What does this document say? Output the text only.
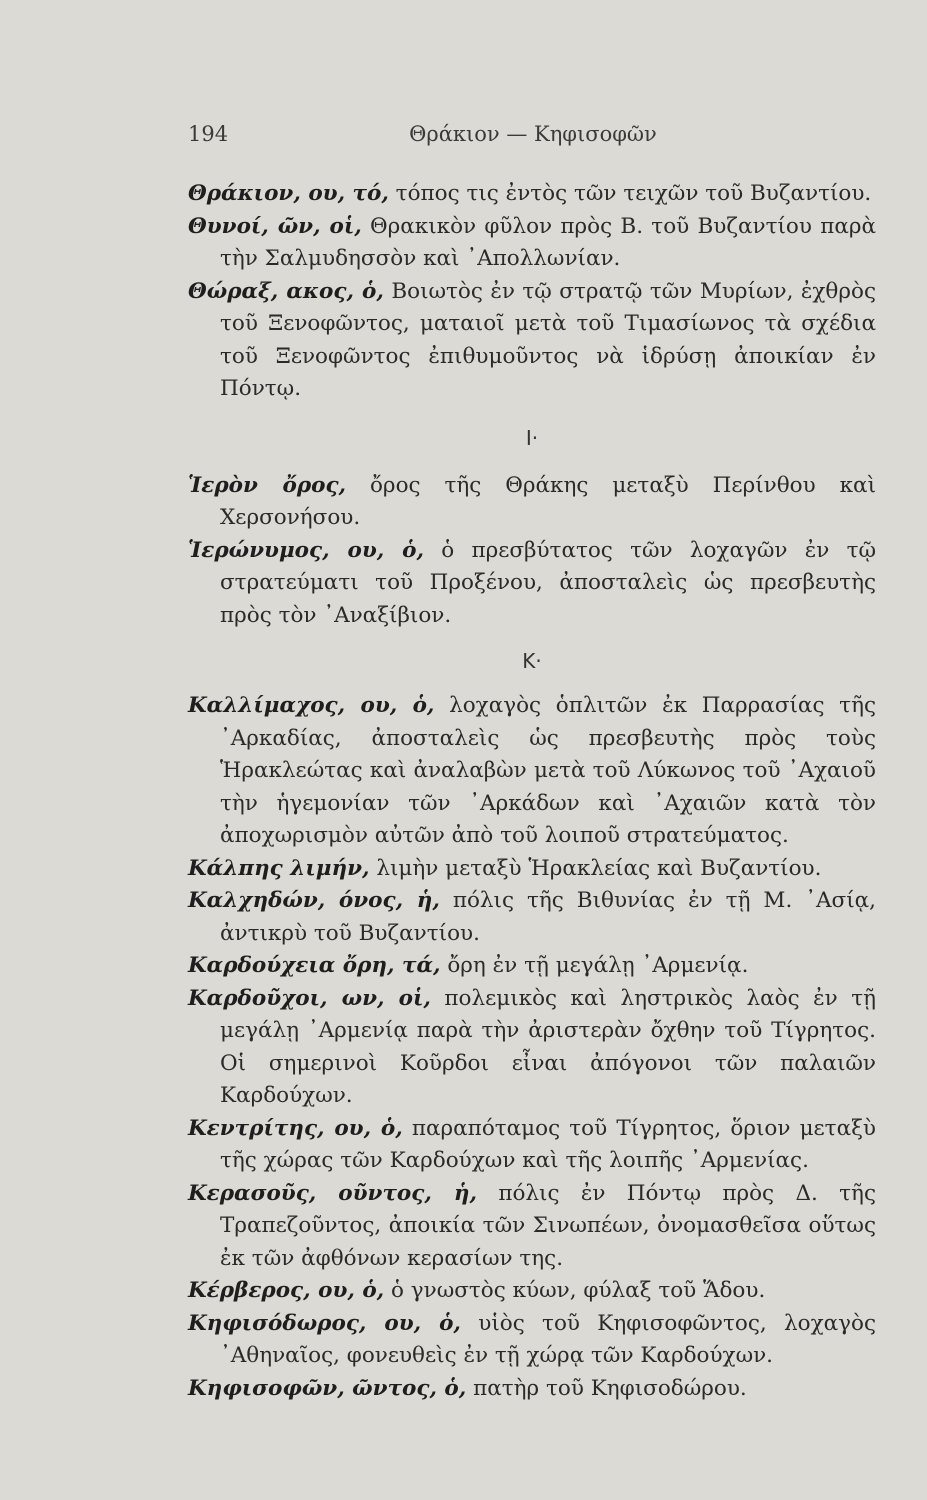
194	Θράκιον — Κηφισοφῶν

Θράκιον, ου, τό, τόπος τις ἐντὸς τῶν τειχῶν τοῦ Βυζαντίου.

Θυνοί, ῶν, οἱ, Θρακικὸν φῦλον πρὸς Β. τοῦ Βυζαντίου παρὰ τὴν Σαλμυδησσὸν καὶ ᾿Απολλωνίαν.

Θώραξ, ακος, ὁ, Βοιωτὸς ἐν τῷ στρατῷ τῶν Μυρίων, ἐχθρὸς τοῦ Ξενοφῶντος, ματαιοῖ μετὰ τοῦ Τιμασίωνος τὰ σχέδια τοῦ Ξενοφῶντος ἐπιθυμοῦντος νὰ ἱδρύσῃ ἀποικίαν ἐν Πόντῳ.

Ι·

Ἱερὸν ὄρος, ὄρος τῆς Θράκης μεταξὺ Περίνθου καὶ Χερσονήσου.

Ἱερώνυμος, ου, ὁ, ὁ πρεσβύτατος τῶν λοχαγῶν ἐν τῷ στρατεύματι τοῦ Προξένου, ἀποσταλεὶς ὡς πρεσβευτὴς πρὸς τὸν ᾿Αναξίβιον.

Κ·

Καλλίμαχος, ου, ὁ, λοχαγὸς ὁπλιτῶν ἐκ Παρρασίας τῆς ᾿Αρκαδίας, ἀποσταλεὶς ὡς πρεσβευτὴς πρὸς τοὺς Ἡρακλεώτας καὶ ἀναλαβὼν μετὰ τοῦ Λύκωνος τοῦ ᾿Αχαιοῦ τὴν ἡγεμονίαν τῶν ᾿Αρκάδων καὶ ᾿Αχαιῶν κατὰ τὸν ἀποχωρισμὸν αὐτῶν ἀπὸ τοῦ λοιποῦ στρατεύματος.

Κάλπης λιμήν, λιμὴν μεταξὺ Ἡρακλείας καὶ Βυζαντίου.

Καλχηδών, όνος, ἡ, πόλις τῆς Βιθυνίας ἐν τῇ Μ. ᾿Ασίᾳ, ἀντικρὺ τοῦ Βυζαντίου.

Καρδούχεια ὄρη, τά, ὄρη ἐν τῇ μεγάλῃ ᾿Αρμενίᾳ.

Καρδοῦχοι, ων, οἱ, πολεμικὸς καὶ ληστρικὸς λαὸς ἐν τῇ μεγάλῃ ᾿Αρμενίᾳ παρὰ τὴν ἀριστερὰν ὄχθην τοῦ Τίγρητος. Οἱ σημερινοὶ Κοῦρδοι εἶναι ἀπόγονοι τῶν παλαιῶν Καρδούχων.

Κεντρίτης, ου, ὁ, παραπόταμος τοῦ Τίγρητος, ὅριον μεταξὺ τῆς χώρας τῶν Καρδούχων καὶ τῆς λοιπῆς ᾿Αρμενίας.

Κερασοῦς, οῦντος, ἡ, πόλις ἐν Πόντῳ πρὸς Δ. τῆς Τραπεζοῦντος, ἀποικία τῶν Σινωπέων, ὀνομασθεῖσα οὕτως ἐκ τῶν ἀφθόνων κερασίων της.

Κέρβερος, ου, ὁ, ὁ γνωστὸς κύων, φύλαξ τοῦ Ἅδου.

Κηφισόδωρος, ου, ὁ, υἱὸς τοῦ Κηφισοφῶντος, λοχαγὸς ᾿Αθηναῖος, φονευθεὶς ἐν τῇ χώρᾳ τῶν Καρδούχων.

Κηφισοφῶν, ῶντος, ὁ, πατὴρ τοῦ Κηφισοδώρου.
